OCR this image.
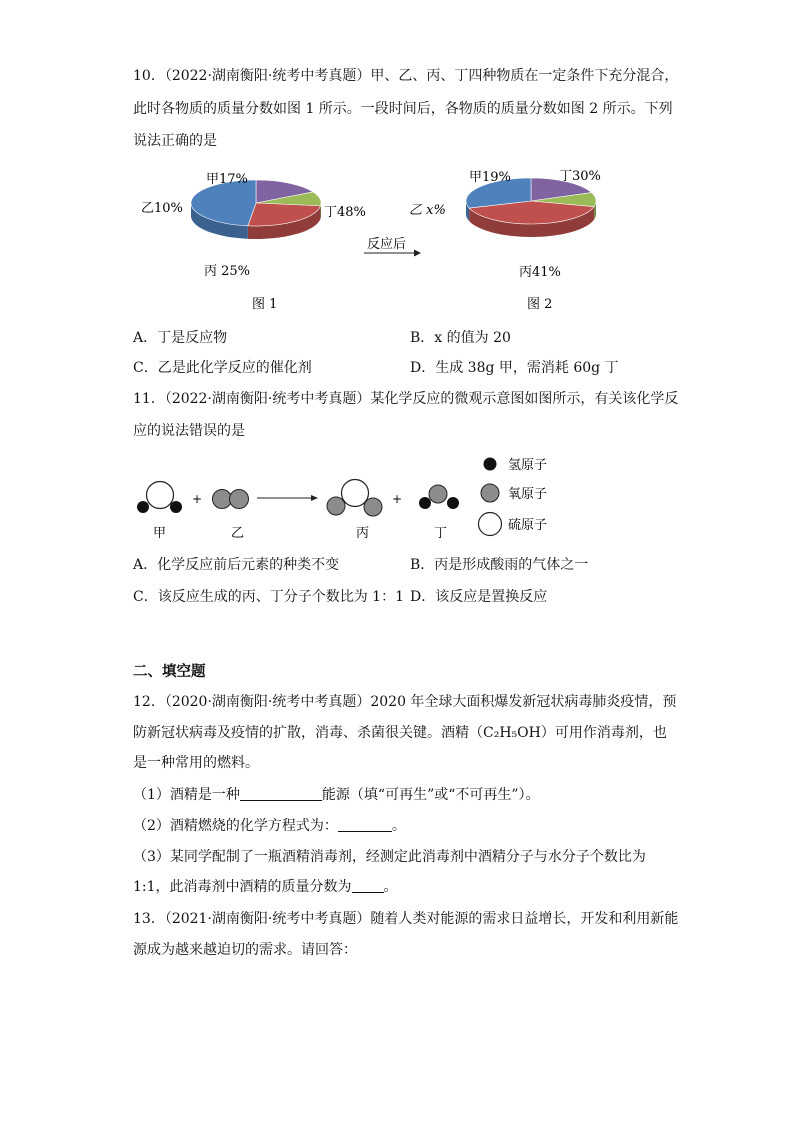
10．（2022·湖南衡阳·统考中考真题）甲、乙、丙、丁四种物质在一定条件下充分混合，
此时各物质的质量分数如图 1 所示。一段时间后，各物质的质量分数如图 2 所示。下列
说法正确的是
甲17%
乙10%	丁48%
丙 25%
图 1
反应后
甲19%	丁30%
乙 x%
丙41%
图 2
A．丁是反应物	B．x 的值为 20
C．乙是此化学反应的催化剂	D．生成 38g 甲，需消耗 60g 丁
11．（2022·湖南衡阳·统考中考真题）某化学反应的微观示意图如图所示，有关该化学反
应的说法错误的是
甲
+
乙	丙
+
丁
氢原子
氧原子
硫原子
A．化学反应前后元素的种类不变	B．丙是形成酸雨的气体之一
C．该反应生成的丙、丁分子个数比为 1：1 D．该反应是置换反应
二、填空题
12．（2020·湖南衡阳·统考中考真题）2020 年全球大面积爆发新冠状病毒肺炎疫情，预
防新冠状病毒及疫情的扩散，消毒、杀菌很关键。酒精（C₂H₅OH）可用作消毒剂，也
是一种常用的燃料。
（1）酒精是一种	能源（填“可再生”或“不可再生”）。
（2）酒精燃烧的化学方程式为：	。
（3）某同学配制了一瓶酒精消毒剂，经测定此消毒剂中酒精分子与水分子个数比为
1:1，此消毒剂中酒精的质量分数为 。
13．（2021·湖南衡阳·统考中考真题）随着人类对能源的需求日益增长，开发和利用新能
源成为越来越迫切的需求。请回答：
